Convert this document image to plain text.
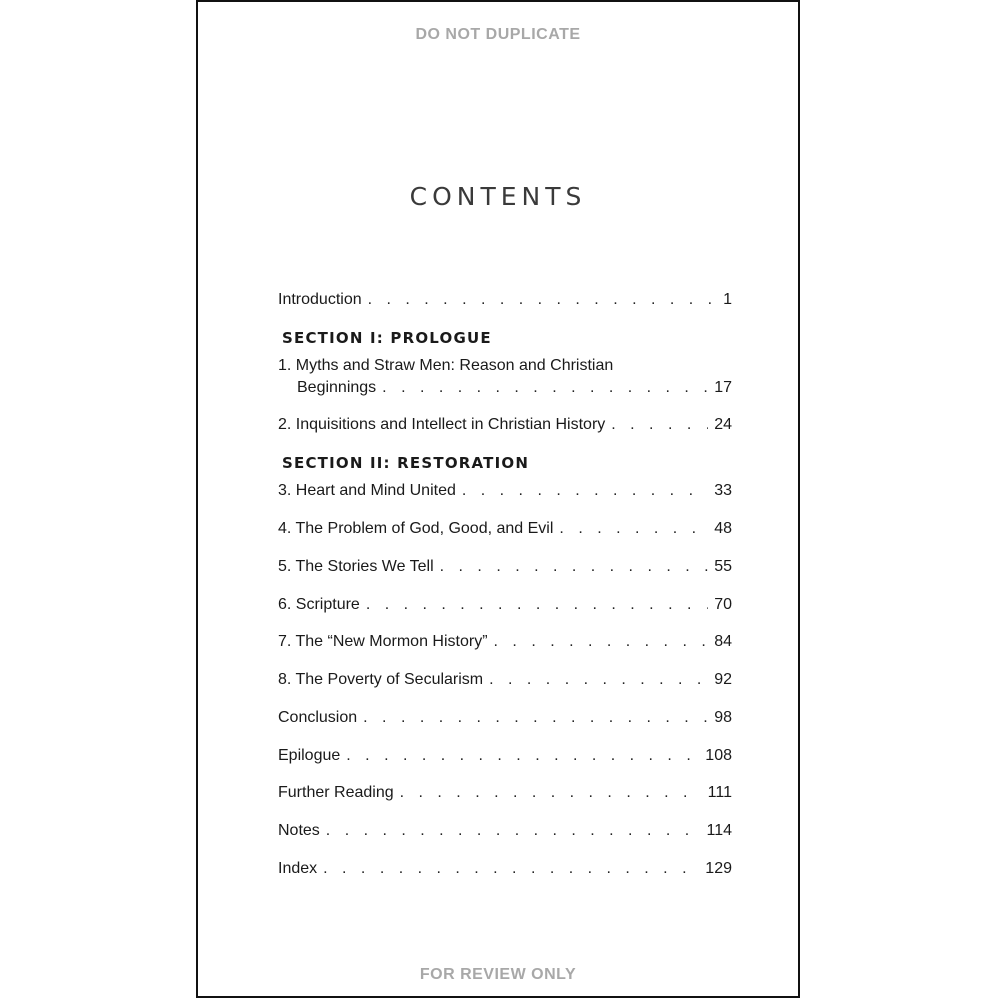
DO NOT DUPLICATE
CONTENTS
Introduction . . .	1
SECTION I: PROLOGUE
1. Myths and Straw Men: Reason and Christian
Beginnings . . .	17
2. Inquisitions and Intellect in Christian History . . .	24
SECTION II: RESTORATION
3. Heart and Mind United . . .	33
4. The Problem of God, Good, and Evil . . .	48
5. The Stories We Tell . . .	55
6. Scripture . . .	70
7. The “New Mormon History” . . .	84
8. The Poverty of Secularism . . .	92
Conclusion . . .	98
Epilogue . . .	108
Further Reading . . .	111
Notes . . .	114
Index . . .	129
FOR REVIEW ONLY
